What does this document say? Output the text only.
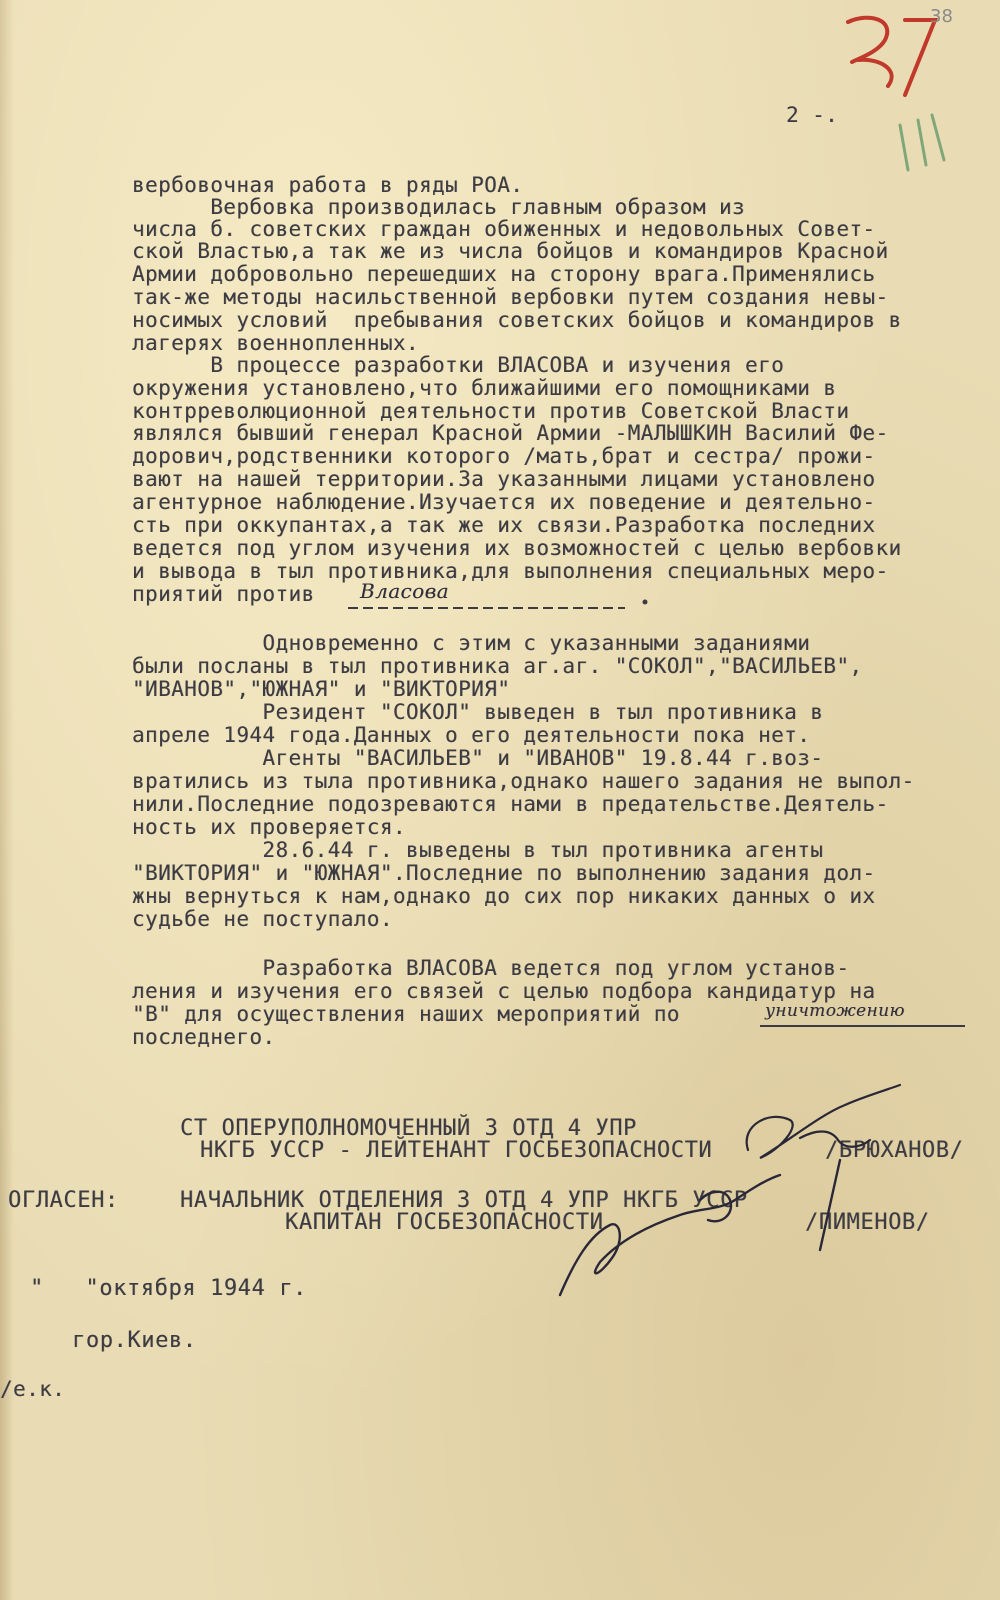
38
2 -.
вербовочная работа в ряды РОА.
Вербовка производилась главным образом из
числа б. советских граждан обиженных и недовольных Совет-
ской Властью,а так же из числа бойцов и командиров Красной
Армии добровольно перешедших на сторону врага.Применялись
так-же методы насильственной вербовки путем создания невы-
носимых условий  пребывания советских бойцов и командиров в
лагерях военнопленных.
В процессе разработки ВЛАСОВА и изучения его
окружения установлено,что ближайшими его помощниками в
контрреволюционной деятельности против Советской Власти
являлся бывший генерал Красной Армии -МАЛЫШКИН Василий Фе-
дорович,родственники которого /мать,брат и сестра/ прожи-
вают на нашей территории.За указанными лицами установлено
агентурное наблюдение.Изучается их поведение и деятельно-
сть при оккупантах,а так же их связи.Разработка последних
ведется под углом изучения их возможностей с целью вербовки
и вывода в тыл противника,для выполнения специальных меро-
приятий против Власова
Одновременно с этим с указанными заданиями
были посланы в тыл противника аг.аг. "СОКОЛ","ВАСИЛЬЕВ",
"ИВАНОВ","ЮЖНАЯ" и "ВИКТОРИЯ"
Резидент "СОКОЛ" выведен в тыл противника в
апреле 1944 года.Данных о его деятельности пока нет.
Агенты "ВАСИЛЬЕВ" и "ИВАНОВ" 19.8.44 г.воз-
вратились из тыла противника,однако нашего задания не выпол-
нили.Последние подозреваются нами в предательстве.Деятель-
ность их проверяется.
28.6.44 г. выведены в тыл противника агенты
"ВИКТОРИЯ" и "ЮЖНАЯ".Последние по выполнению задания дол-
жны вернуться к нам,однако до сих пор никаких данных о их
судьбе не поступало.
Разработка ВЛАСОВА ведется под углом установ-
ления и изучения его связей с целью подбора кандидатур на
"В" для осуществления наших мероприятий по	уничтожению
последнего.
СТ ОПЕРУПОЛНОМОЧЕННЫЙ 3 ОТД 4 УПР
НКГБ УССР - ЛЕЙТЕНАНТ ГОСБЕЗОПАСНОСТИ	/БРЮХАНОВ/
ОГЛАСЕН:	НАЧАЛЬНИК ОТДЕЛЕНИЯ 3 ОТД 4 УПР НКГБ УССР
КАПИТАН ГОСБЕЗОПАСНОСТИ	/ПИМЕНОВ/
"   "октября 1944 г.
гор.Киев.
/е.к.
